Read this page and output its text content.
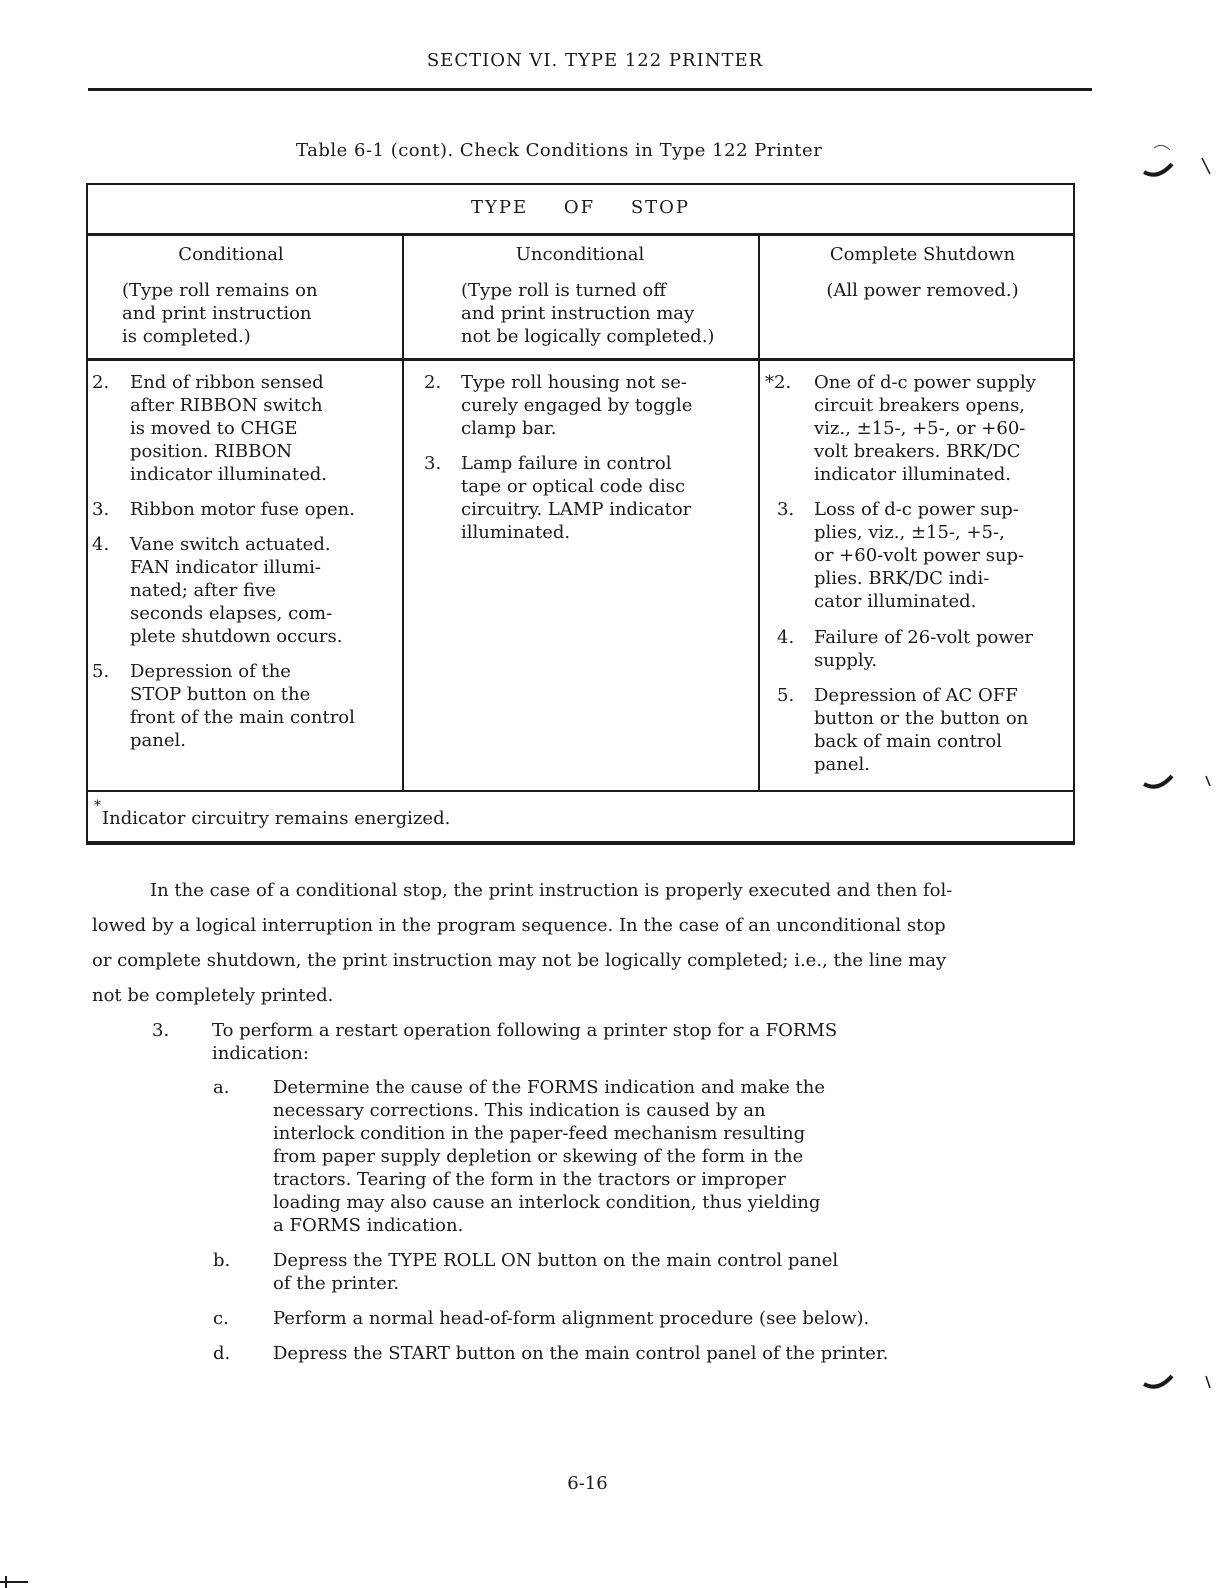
SECTION VI. TYPE 122 PRINTER
Table 6-1 (cont). Check Conditions in Type 122 Printer
TYPE OF STOP
Conditional
(Type roll remains on
and print instruction
is completed.)
Unconditional
(Type roll is turned off
and print instruction may
not be logically completed.)
Complete Shutdown
(All power removed.)
2. End of ribbon sensed
after RIBBON switch
is moved to CHGE
position. RIBBON
indicator illuminated.
3. Ribbon motor fuse open.
4. Vane switch actuated.
FAN indicator illumi-
nated; after five
seconds elapses, com-
plete shutdown occurs.
5. Depression of the
STOP button on the
front of the main control
panel.
2. Type roll housing not se-
curely engaged by toggle
clamp bar.
3. Lamp failure in control
tape or optical code disc
circuitry. LAMP indicator
illuminated.
*2. One of d-c power supply
circuit breakers opens,
viz., ±15-, +5-, or +60-
volt breakers. BRK/DC
indicator illuminated.
3. Loss of d-c power sup-
plies, viz., ±15-, +5-,
or +60-volt power sup-
plies. BRK/DC indi-
cator illuminated.
4. Failure of 26-volt power
supply.
5. Depression of AC OFF
button or the button on
back of main control
panel.
*
Indicator circuitry remains energized.
In the case of a conditional stop, the print instruction is properly executed and then fol-
lowed by a logical interruption in the program sequence. In the case of an unconditional stop
or complete shutdown, the print instruction may not be logically completed; i.e., the line may
not be completely printed.
3. To perform a restart operation following a printer stop for a FORMS
indication:
a. Determine the cause of the FORMS indication and make the
necessary corrections. This indication is caused by an
interlock condition in the paper-feed mechanism resulting
from paper supply depletion or skewing of the form in the
tractors. Tearing of the form in the tractors or improper
loading may also cause an interlock condition, thus yielding
a FORMS indication.
b. Depress the TYPE ROLL ON button on the main control panel
of the printer.
c. Perform a normal head-of-form alignment procedure (see below).
d. Depress the START button on the main control panel of the printer.
6-16
